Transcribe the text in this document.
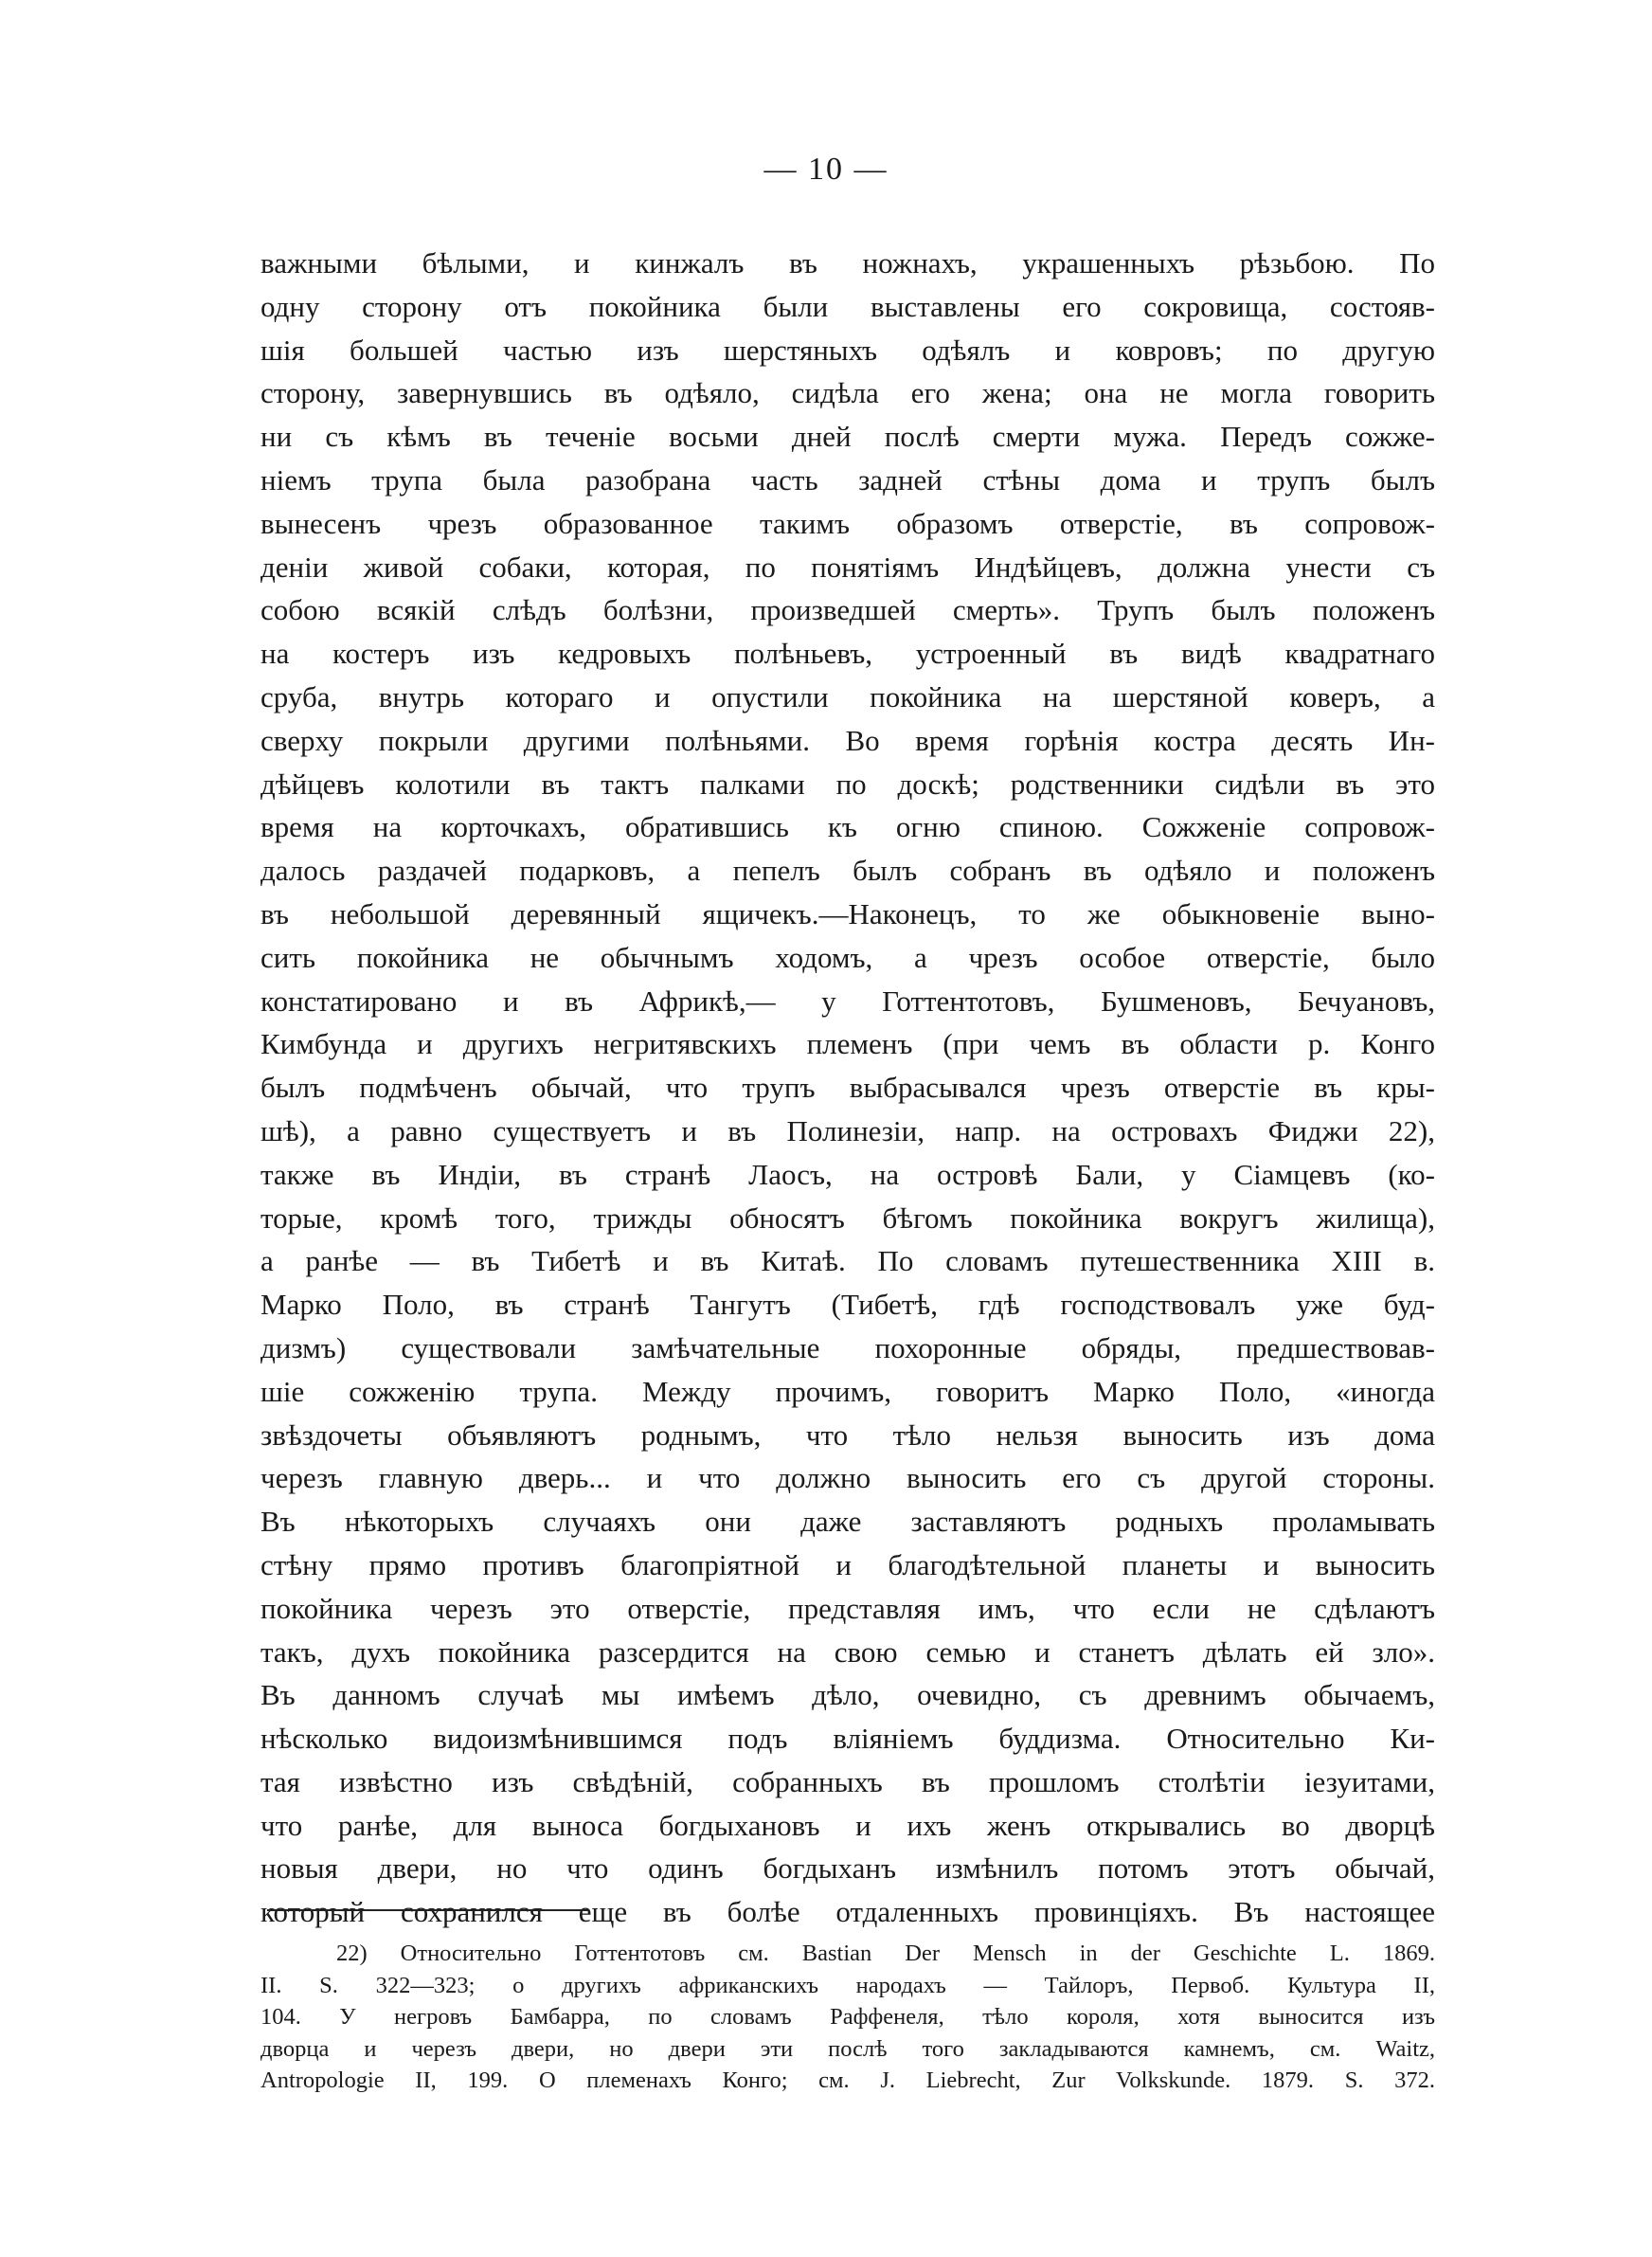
— 10 —
важными бѣлыми, и кинжалъ въ ножнахъ, украшенныхъ рѣзьбою. По
одну сторону отъ покойника были выставлены его сокровища, состояв-
шія большей частью изъ шерстяныхъ одѣялъ и ковровъ; по другую
сторону, завернувшись въ одѣяло, сидѣла его жена; она не могла говорить
ни съ кѣмъ въ теченіе восьми дней послѣ смерти мужа. Передъ сожже-
ніемъ трупа была разобрана часть задней стѣны дома и трупъ былъ
вынесенъ чрезъ образованное такимъ образомъ отверстіе, въ сопровож-
деніи живой собаки, которая, по понятіямъ Индѣйцевъ, должна унести съ
собою всякій слѣдъ болѣзни, произведшей смерть». Трупъ былъ положенъ
на костеръ изъ кедровыхъ полѣньевъ, устроенный въ видѣ квадратнаго
сруба, внутрь котораго и опустили покойника на шерстяной коверъ, а
сверху покрыли другими полѣньями. Во время горѣнія костра десять Ин-
дѣйцевъ колотили въ тактъ палками по доскѣ; родственники сидѣли въ это
время на корточкахъ, обратившись къ огню спиною. Сожженіе сопровож-
далось раздачей подарковъ, а пепелъ былъ собранъ въ одѣяло и положенъ
въ небольшой деревянный ящичекъ.—Наконецъ, то же обыкновеніе выно-
сить покойника не обычнымъ ходомъ, а чрезъ особое отверстіе, было
констатировано и въ Африкѣ,— у Готтентотовъ, Бушменовъ, Бечуановъ,
Кимбунда и другихъ негритявскихъ племенъ (при чемъ въ области р. Конго
былъ подмѣченъ обычай, что трупъ выбрасывался чрезъ отверстіе въ кры-
шѣ), а равно существуетъ и въ Полинезіи, напр. на островахъ Фиджи 22),
также въ Индіи, въ странѣ Лаосъ, на островѣ Бали, у Сіамцевъ (ко-
торые, кромѣ того, трижды обносятъ бѣгомъ покойника вокругъ жилища),
а ранѣе — въ Тибетѣ и въ Китаѣ. По словамъ путешественника XIII в.
Марко Поло, въ странѣ Тангутъ (Тибетѣ, гдѣ господствовалъ уже буд-
дизмъ) существовали замѣчательные похоронные обряды, предшествовав-
шіе сожженію трупа. Между прочимъ, говоритъ Марко Поло, «иногда
звѣздочеты объявляютъ роднымъ, что тѣло нельзя выносить изъ дома
черезъ главную дверь... и что должно выносить его съ другой стороны.
Въ нѣкоторыхъ случаяхъ они даже заставляютъ родныхъ проламывать
стѣну прямо противъ благопріятной и благодѣтельной планеты и выносить
покойника черезъ это отверстіе, представляя имъ, что если не сдѣлаютъ
такъ, духъ покойника разсердится на свою семью и станетъ дѣлать ей зло».
Въ данномъ случаѣ мы имѣемъ дѣло, очевидно, съ древнимъ обычаемъ,
нѣсколько видоизмѣнившимся подъ вліяніемъ буддизма. Относительно Ки-
тая извѣстно изъ свѣдѣній, собранныхъ въ прошломъ столѣтіи іезуитами,
что ранѣе, для выноса богдыхановъ и ихъ женъ открывались во дворцѣ
новыя двери, но что одинъ богдыханъ измѣнилъ потомъ этотъ обычай,
который сохранился еще въ болѣе отдаленныхъ провинціяхъ. Въ настоящее
22) Относительно Готтентотовъ см. Bastian Der Mensch in der Geschichte L. 1869.
II. S. 322—323; о другихъ африканскихъ народахъ — Тайлоръ, Первоб. Культура II,
104. У негровъ Бамбарра, по словамъ Раффенеля, тѣло короля, хотя выносится изъ
дворца и черезъ двери, но двери эти послѣ того закладываются камнемъ, см. Waitz,
Antropologie II, 199. О племенахъ Конго; см. J. Liebrecht, Zur Volkskunde. 1879. S. 372.
